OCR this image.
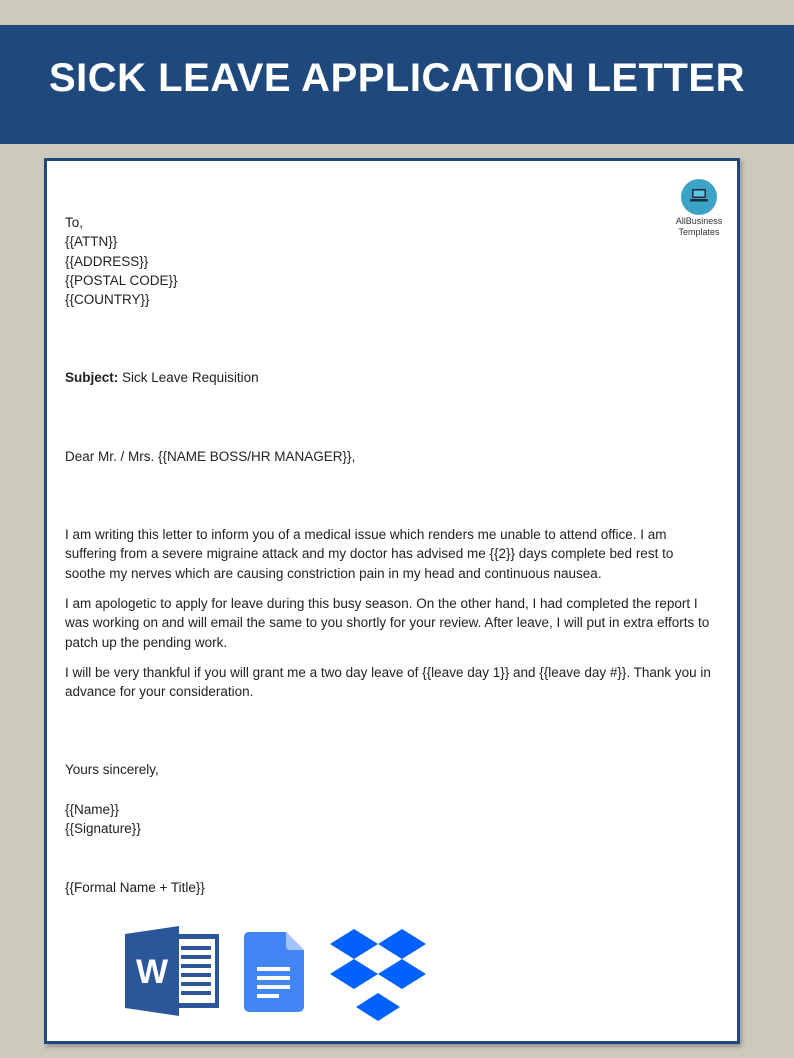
SICK LEAVE APPLICATION LETTER
AllBusiness
Templates

To,

{{ATTN}}

{{ADDRESS}}

{{POSTAL CODE}}

{{COUNTRY}}

Subject: Sick Leave Requisition

Dear Mr. / Mrs. {{NAME BOSS/HR MANAGER}},

I am writing this letter to inform you of a medical issue which renders me unable to attend office. I am suffering from a severe migraine attack and my doctor has advised me {{2}} days complete bed rest to soothe my nerves which are causing constriction pain in my head and continuous nausea.

I am apologetic to apply for leave during this busy season. On the other hand, I had completed the report I was working on and will email the same to you shortly for your review. After leave, I will put in extra efforts to patch up the pending work.

I will be very thankful if you will grant me a two day leave of {{leave day 1}} and {{leave day #}}. Thank you in advance for your consideration.

Yours sincerely,

{{Name}}

{{Signature}}

{{Formal Name + Title}}

W
